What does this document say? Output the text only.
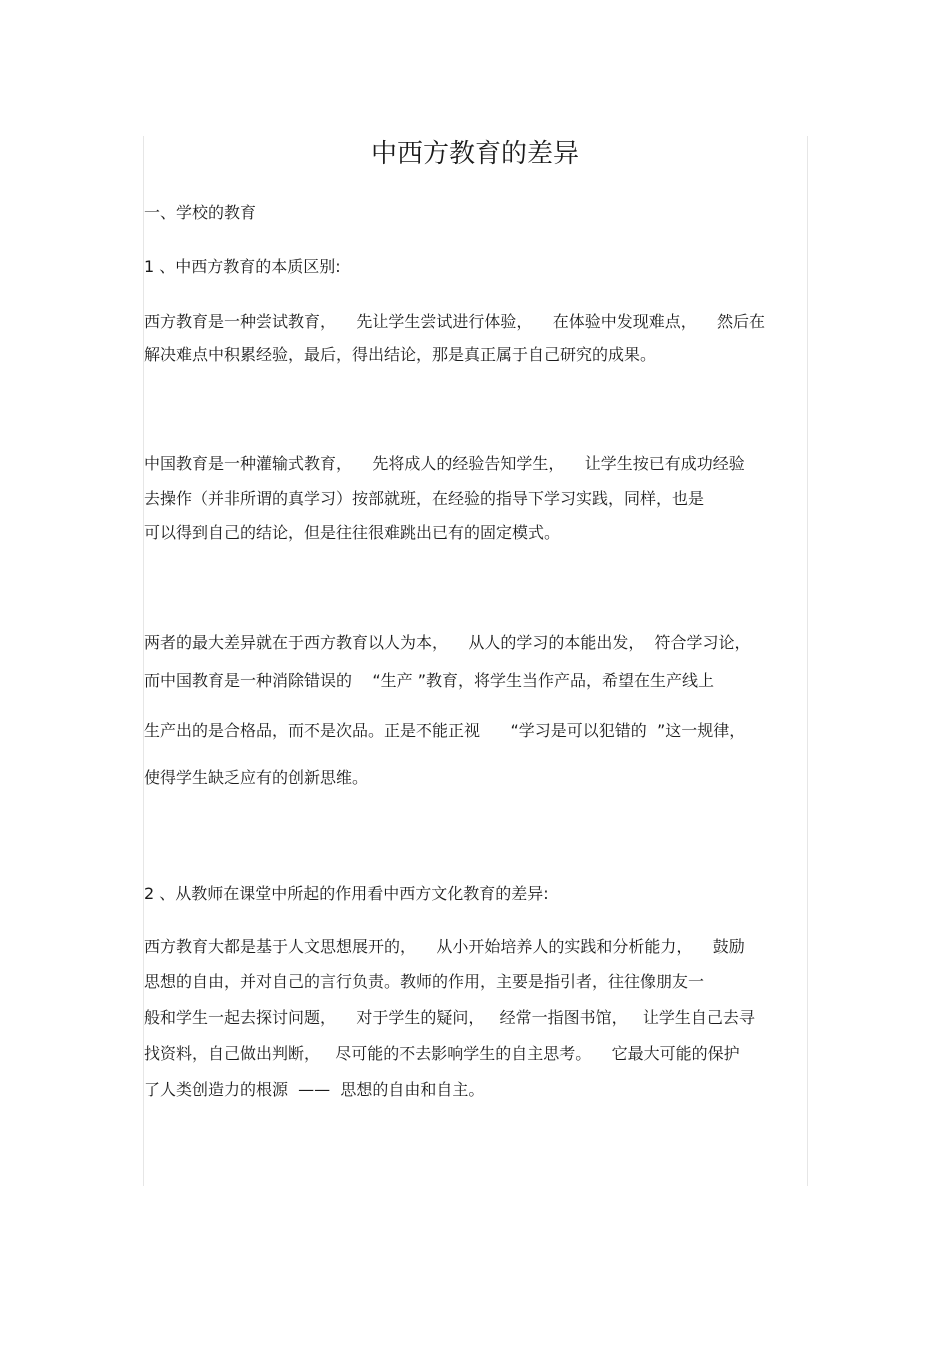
中西方教育的差异
一、学校的教育
1 、中西方教育的本质区别:
西方教育是一种尝试教育，    先让学生尝试进行体验，    在体验中发现难点，    然后在
解决难点中积累经验，最后，得出结论，那是真正属于自己研究的成果。
中国教育是一种灌输式教育，    先将成人的经验告知学生，    让学生按已有成功经验
去操作（并非所谓的真学习）按部就班，在经验的指导下学习实践，同样，也是
可以得到自己的结论，但是往往很难跳出已有的固定模式。
两者的最大差异就在于西方教育以人为本，    从人的学习的本能出发，  符合学习论，
而中国教育是一种消除错误的    “生产 ”教育，将学生当作产品，希望在生产线上
生产出的是合格品，而不是次品。正是不能正视      “学习是可以犯错的  ”这一规律，
使得学生缺乏应有的创新思维。
2 、从教师在课堂中所起的作用看中西方文化教育的差异:
西方教育大都是基于人文思想展开的，    从小开始培养人的实践和分析能力，    鼓励
思想的自由，并对自己的言行负责。教师的作用，主要是指引者，往往像朋友一
般和学生一起去探讨问题，    对于学生的疑问，   经常一指图书馆，   让学生自己去寻
找资料，自己做出判断，   尽可能的不去影响学生的自主思考。    它最大可能的保护
了人类创造力的根源  ——  思想的自由和自主。
